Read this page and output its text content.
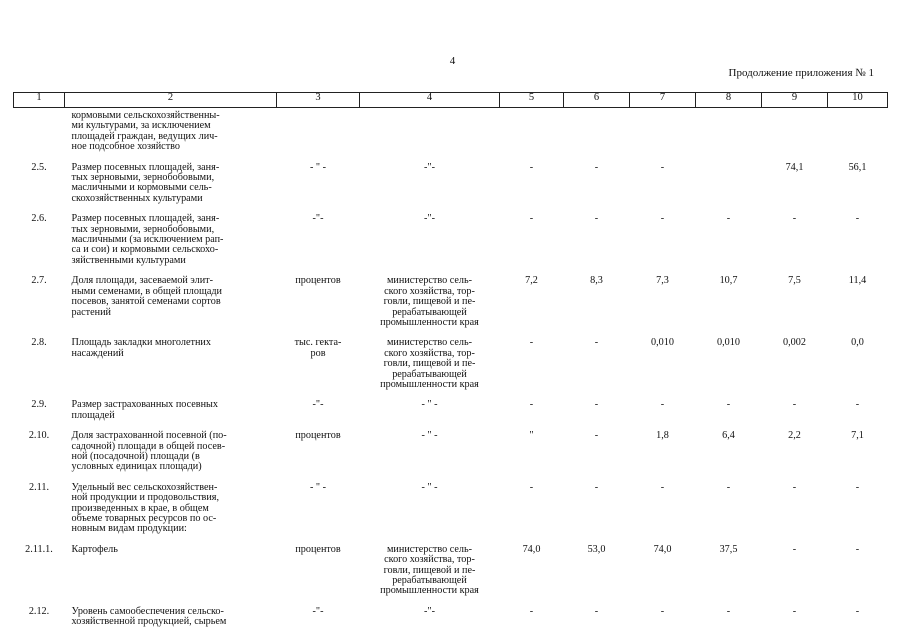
4
Продолжение приложения № 1
1	2	3	4	5	6	7	8	9	10
	кормовыми сельскохозяйственны-
ми культурами, за исключением
площадей граждан, ведущих лич-
ное подсобное хозяйство								
2.5.	Размер посевных площадей, заня-
тых зерновыми, зернобобовыми,
масличными и кормовыми сель-
скохозяйственных культурами	- " -	-"-	-	-	-		74,1	56,1
2.6.	Размер посевных площадей, заня-
тых зерновыми, зернобобовыми,
масличными (за исключением рап-
са и сои) и кормовыми сельскохо-
зяйственными культурами	-"-	-"-	-	-	-	-	-	-
2.7.	Доля площади, засеваемой элит-
ными семенами, в общей площади
посевов, занятой семенами сортов
растений	процентов	министерство сель-
ского хозяйства, тор-
говли, пищевой и пе-
рерабатывающей
промышленности края	7,2	8,3	7,3	10,7	7,5	11,4
2.8.	Площадь закладки многолетних
насаждений	тыс. гекта-
ров	министерство сель-
ского хозяйства, тор-
говли, пищевой и пе-
рерабатывающей
промышленности края	-	-	0,010	0,010	0,002	0,0
2.9.	Размер застрахованных посевных
площадей	-"-	- " -	-	-	-	-	-	-
2.10.	Доля застрахованной посевной (по-
садочной) площади в общей посев-
ной (посадочной) площади (в
условных единицах площади)	процентов	- " -	"	-	1,8	6,4	2,2	7,1
2.11.	Удельный вес сельскохозяйствен-
ной продукции и продовольствия,
произведенных в крае, в общем
объеме товарных ресурсов по ос-
новным видам продукции:	- " -	- " -	-	-	-	-	-	-
2.11.1.	Картофель	процентов	министерство сель-
ского хозяйства, тор-
говли, пищевой и пе-
рерабатывающей
промышленности края	74,0	53,0	74,0	37,5	-	-
2.12.	Уровень самообеспечения сельско-
хозяйственной продукцией, сырьем	-"-	-"-	-	-	-	-	-	-
